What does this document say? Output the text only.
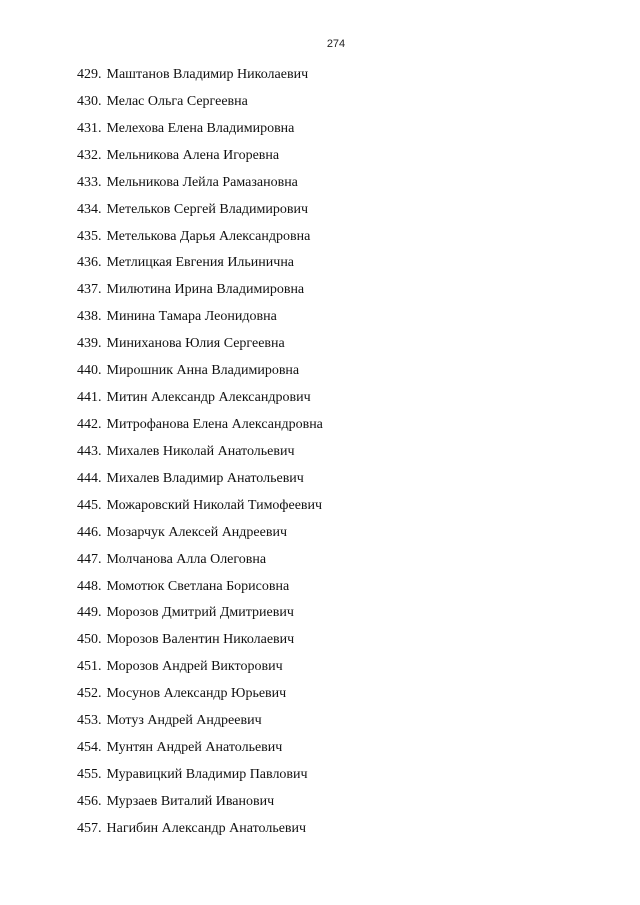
274
429. Маштанов Владимир Николаевич
430. Мелас Ольга Сергеевна
431. Мелехова Елена Владимировна
432. Мельникова Алена Игоревна
433. Мельникова Лейла Рамазановна
434. Метельков Сергей Владимирович
435. Метелькова Дарья Александровна
436. Метлицкая Евгения Ильинична
437. Милютина Ирина Владимировна
438. Минина Тамара Леонидовна
439. Миниханова Юлия Сергеевна
440. Мирошник Анна Владимировна
441. Митин Александр Александрович
442. Митрофанова Елена Александровна
443. Михалев Николай Анатольевич
444. Михалев Владимир Анатольевич
445. Можаровский Николай Тимофеевич
446. Мозарчук Алексей Андреевич
447. Молчанова Алла Олеговна
448. Момотюк Светлана Борисовна
449. Морозов Дмитрий Дмитриевич
450. Морозов Валентин Николаевич
451. Морозов Андрей Викторович
452. Мосунов Александр Юрьевич
453. Мотуз Андрей Андреевич
454. Мунтян Андрей Анатольевич
455. Муравицкий Владимир Павлович
456. Мурзаев Виталий Иванович
457. Нагибин Александр Анатольевич
